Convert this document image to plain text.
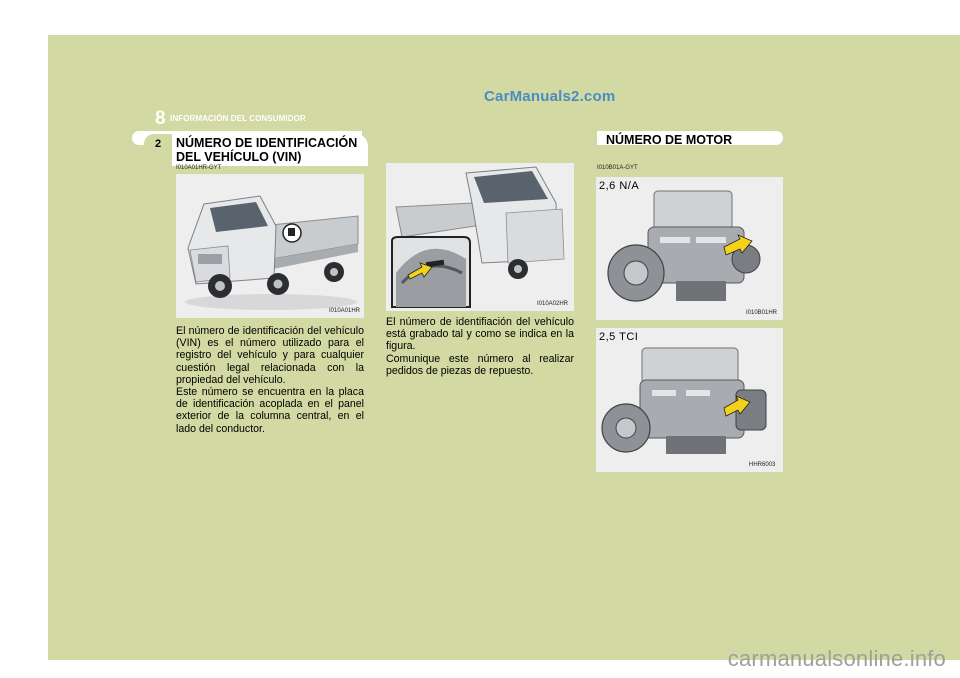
CarManuals2.com
8 INFORMACIÓN DEL CONSUMIDOR
2 NÚMERO DE IDENTIFICACIÓN
DEL VEHÍCULO (VIN)
NÚMERO DE MOTOR
I010A01HR-GYT	I010B01A-GYT
I010A01HR
I010A02HR

El número de identificación del vehículo (VIN) es el número utilizado para el registro del vehículo y para cualquier cuestión legal relacionada con la propiedad del vehículo.

Este número se encuentra en la placa de identificación acoplada en el panel exterior de la columna central, en el lado del conductor.

El número de identifiación del vehículo está grabado tal y como se indica en la figura.

Comunique este número al realizar pedidos de piezas de repuesto.

2,6 N/A
I010B01HR
2,5 TCI
HHR6003
carmanualsonline.info
